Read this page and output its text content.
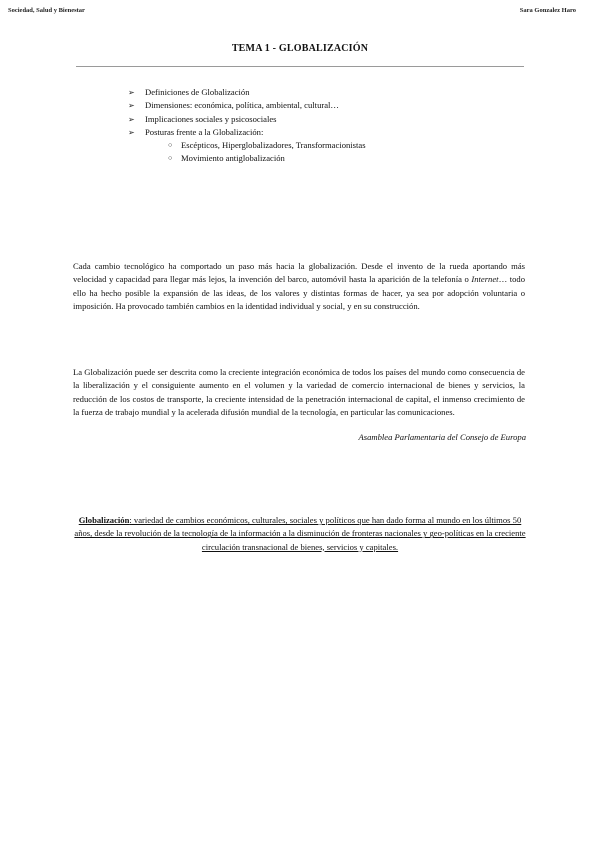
Sociedad, Salud y Bienestar	Sara Gonzalez Haro
TEMA 1 - GLOBALIZACIÓN
➢	Definiciones de Globalización
➢	Dimensiones: económica, política, ambiental, cultural…
➢	Implicaciones sociales y psicosociales
➢	Posturas frente a la Globalización:
○	Escépticos, Hiperglobalizadores, Transformacionistas
○	Movimiento antiglobalización

Cada cambio tecnológico ha comportado un paso más hacia la globalización. Desde el invento de la rueda aportando más velocidad y capacidad para llegar más lejos, la invención del barco, automóvil hasta la aparición de la telefonía o Internet… todo ello ha hecho posible la expansión de las ideas, de los valores y distintas formas de hacer, ya sea por adopción voluntaria o imposición. Ha provocado también cambios en la identidad individual y social, y en su construcción.

La Globalización puede ser descrita como la creciente integración económica de todos los países del mundo como consecuencia de la liberalización y el consiguiente aumento en el volumen y la variedad de comercio internacional de bienes y servicios, la reducción de los costos de transporte, la creciente intensidad de la penetración internacional de capital, el inmenso crecimiento de la fuerza de trabajo mundial y la acelerada difusión mundial de la tecnología, en particular las comunicaciones.

Asamblea Parlamentaria del Consejo de Europa

Globalización: variedad de cambios económicos, culturales, sociales y políticos que han dado forma al mundo en los últimos 50 años, desde la revolución de la tecnología de la información a la disminución de fronteras nacionales y geo-políticas en la creciente circulación transnacional de bienes, servicios y capitales.
